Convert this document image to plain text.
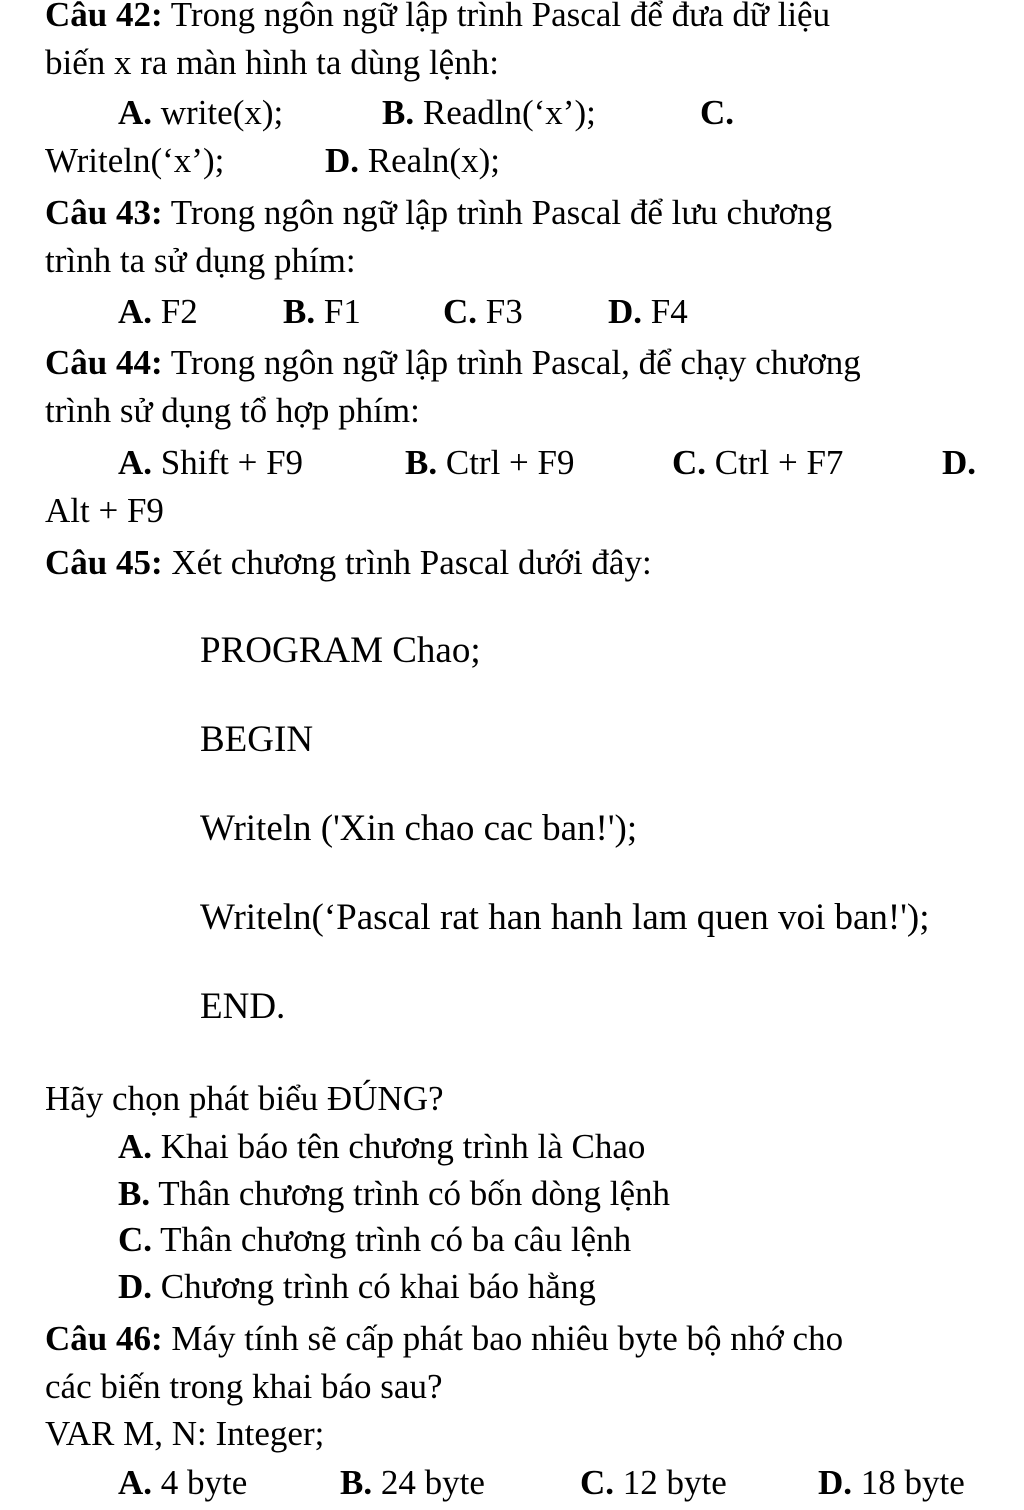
Câu 42: Trong ngôn ngữ lập trình Pascal để đưa dữ liệu
biến x ra màn hình ta dùng lệnh:
A. write(x);	B. Readln(‘x’);	C.
Writeln(‘x’);	D. Realn(x);
Câu 43: Trong ngôn ngữ lập trình Pascal để lưu chương
trình ta sử dụng phím:
A. F2 B. F1 C. F3 D. F4
Câu 44: Trong ngôn ngữ lập trình Pascal, để chạy chương
trình sử dụng tổ hợp phím:
A. Shift + F9	B. Ctrl + F9	C. Ctrl + F7	D.
Alt + F9
Câu 45: Xét chương trình Pascal dưới đây:
PROGRAM Chao;
BEGIN
Writeln ('Xin chao cac ban!');
Writeln(‘Pascal rat han hanh lam quen voi ban!');
END.
Hãy chọn phát biểu ĐÚNG?
A. Khai báo tên chương trình là Chao
B. Thân chương trình có bốn dòng lệnh
C. Thân chương trình có ba câu lệnh
D. Chương trình có khai báo hằng
Câu 46: Máy tính sẽ cấp phát bao nhiêu byte bộ nhớ cho
các biến trong khai báo sau?
VAR M, N: Integer;
A. 4 byte	B. 24 byte	C. 12 byte	D. 18 byte
